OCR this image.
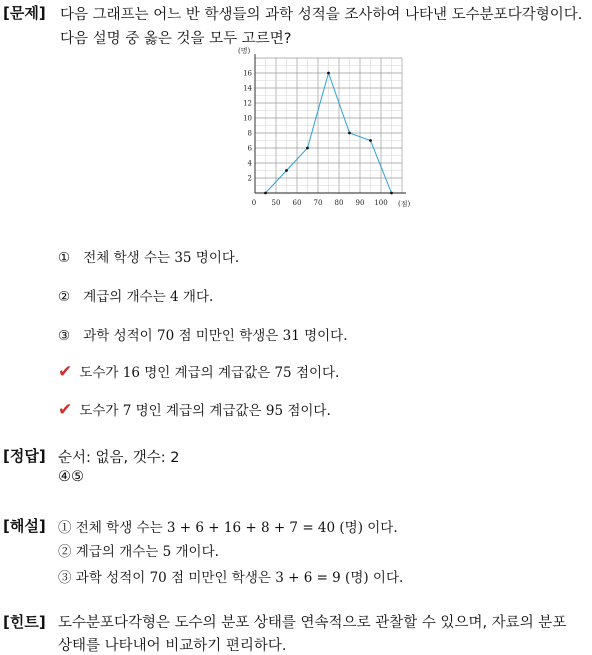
[문제] 다음 그래프는 어느 반 학생들의 과학 성적을 조사하여 나타낸 도수분포다각형이다.
다음 설명 중 옳은 것을 모두 고르면?
2
4
6
8
10
12
14
16
0 50 60 70 80 90 100
(명)
(점)
① 전체 학생 수는 35 명이다.
② 계급의 개수는 4 개다.
③ 과학 성적이 70 점 미만인 학생은 31 명이다.
✔ 도수가 16 명인 계급의 계급값은 75 점이다.
✔ 도수가 7 명인 계급의 계급값은 95 점이다.
[정답] 순서: 없음, 갯수: 2
④⑤
[해설] ① 전체 학생 수는 3 + 6 + 16 + 8 + 7 = 40 (명) 이다.
② 계급의 개수는 5 개이다.
③ 과학 성적이 70 점 미만인 학생은 3 + 6 = 9 (명) 이다.
[힌트] 도수분포다각형은 도수의 분포 상태를 연속적으로 관찰할 수 있으며, 자료의 분포
상태를 나타내어 비교하기 편리하다.
